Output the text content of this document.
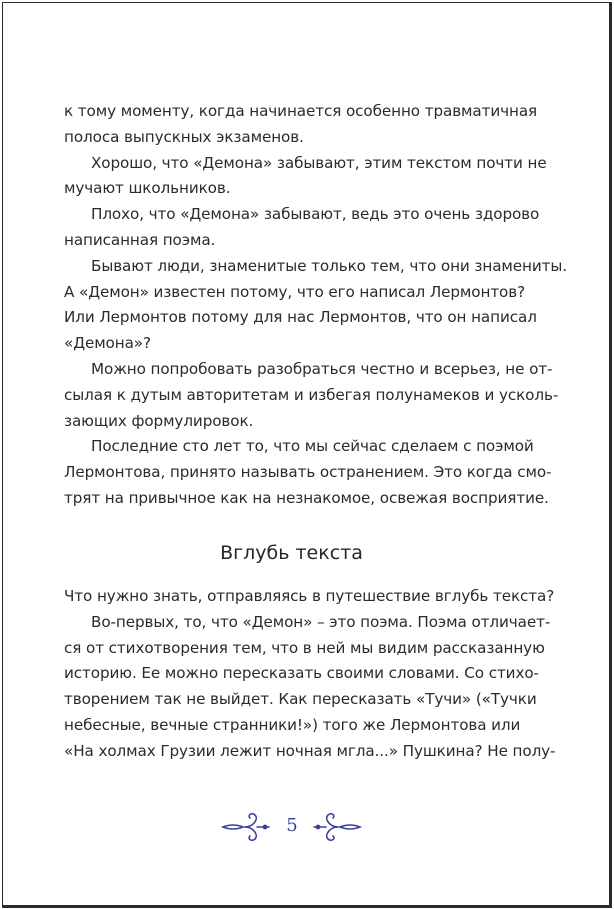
к тому моменту, когда начинается особенно травматичная
полоса выпускных экзаменов.
Хорошо, что «Демона» забывают, этим текстом почти не
мучают школьников.
Плохо, что «Демона» забывают, ведь это очень здорово
написанная поэма.
Бывают люди, знаменитые только тем, что они знамениты.
А «Демон» известен потому, что его написал Лермонтов?
Или Лермонтов потому для нас Лермонтов, что он написал
«Демона»?
Можно попробовать разобраться честно и всерьез, не от-
сылая к дутым авторитетам и избегая полунамеков и усколь-
зающих формулировок.
Последние сто лет то, что мы сейчас сделаем с поэмой
Лермонтова, принято называть остранением. Это когда смо-
трят на привычное как на незнакомое, освежая восприятие.
Вглубь текста
Что нужно знать, отправляясь в путешествие вглубь текста?
Во-первых, то, что «Демон» – это поэма. Поэма отличает-
ся от стихотворения тем, что в ней мы видим рассказанную
историю. Ее можно пересказать своими словами. Со стихо-
творением так не выйдет. Как пересказать «Тучи» («Тучки
небесные, вечные странники!») того же Лермонтова или
«На холмах Грузии лежит ночная мгла...» Пушкина? Не полу-
5
